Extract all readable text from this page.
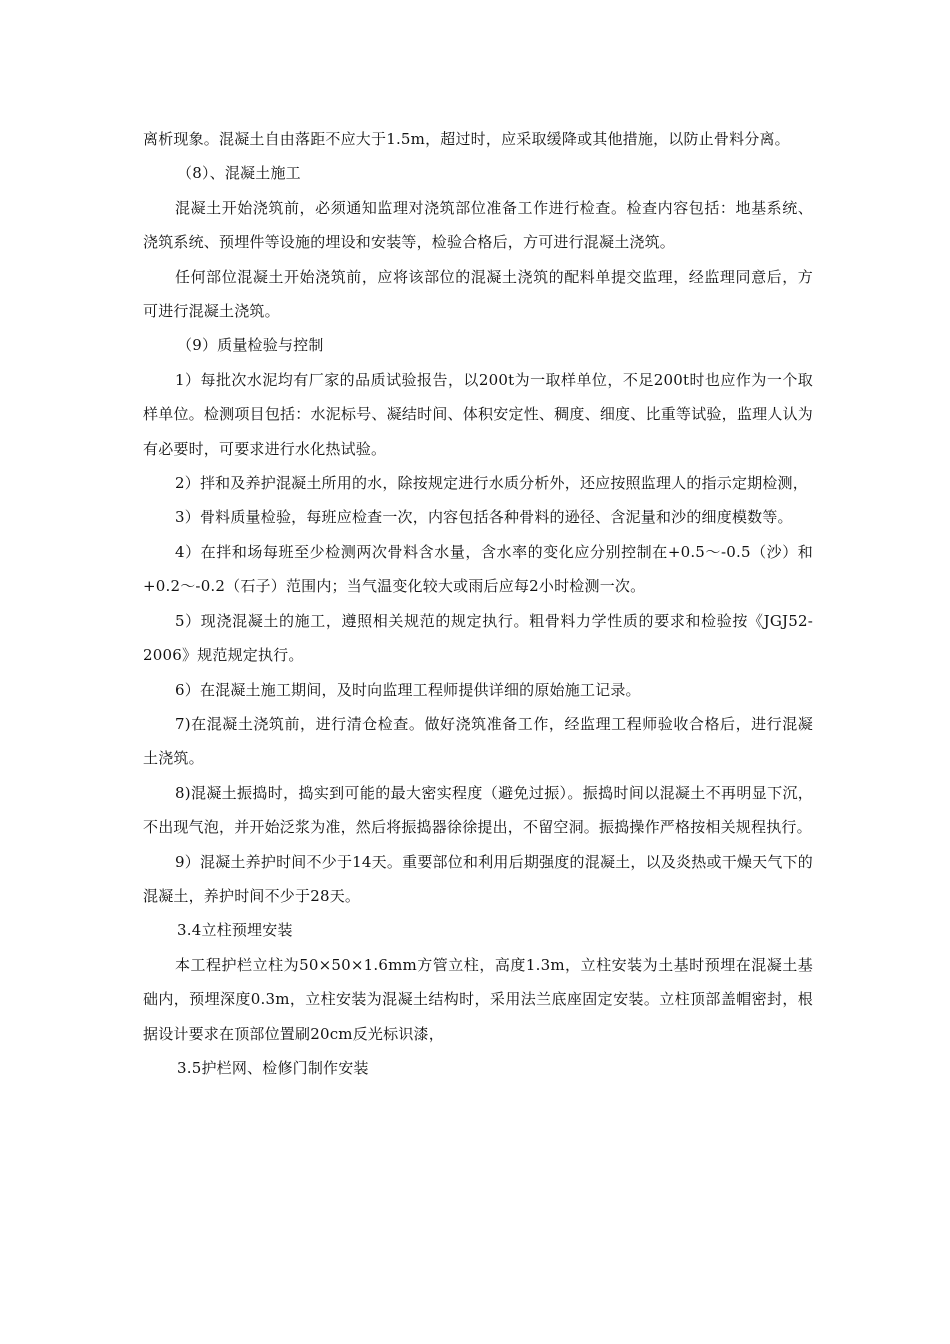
离析现象。混凝土自由落距不应大于1.5m，超过时，应采取缓降或其他措施，以防止骨料分离。

（8）、混凝土施工

混凝土开始浇筑前，必须通知监理对浇筑部位准备工作进行检查。检查内容包括：地基系统、浇筑系统、预埋件等设施的埋设和安装等，检验合格后，方可进行混凝土浇筑。

任何部位混凝土开始浇筑前，应将该部位的混凝土浇筑的配料单提交监理，经监理同意后，方可进行混凝土浇筑。

（9）质量检验与控制

1）每批次水泥均有厂家的品质试验报告，以200t为一取样单位，不足200t时也应作为一个取样单位。检测项目包括：水泥标号、凝结时间、体积安定性、稠度、细度、比重等试验，监理人认为有必要时，可要求进行水化热试验。

2）拌和及养护混凝土所用的水，除按规定进行水质分析外，还应按照监理人的指示定期检测，

3）骨料质量检验，每班应检查一次，内容包括各种骨料的逊径、含泥量和沙的细度模数等。

4）在拌和场每班至少检测两次骨料含水量，含水率的变化应分别控制在+0.5～-0.5（沙）和+0.2～-0.2（石子）范围内；当气温变化较大或雨后应每2小时检测一次。

5）现浇混凝土的施工，遵照相关规范的规定执行。粗骨料力学性质的要求和检验按《JGJ52-2006》规范规定执行。

6）在混凝土施工期间，及时向监理工程师提供详细的原始施工记录。

7)在混凝土浇筑前，进行清仓检查。做好浇筑准备工作，经监理工程师验收合格后，进行混凝土浇筑。

8)混凝土振捣时，捣实到可能的最大密实程度（避免过振）。振捣时间以混凝土不再明显下沉，不出现气泡，并开始泛浆为准，然后将振捣器徐徐提出，不留空洞。振捣操作严格按相关规程执行。

9）混凝土养护时间不少于14天。重要部位和利用后期强度的混凝土，以及炎热或干燥天气下的混凝土，养护时间不少于28天。

3.4立柱预埋安装

本工程护栏立柱为50×50×1.6mm方管立柱，高度1.3m，立柱安装为土基时预埋在混凝土基础内，预埋深度0.3m，立柱安装为混凝土结构时，采用法兰底座固定安装。立柱顶部盖帽密封，根据设计要求在顶部位置刷20cm反光标识漆，

3.5护栏网、检修门制作安装
